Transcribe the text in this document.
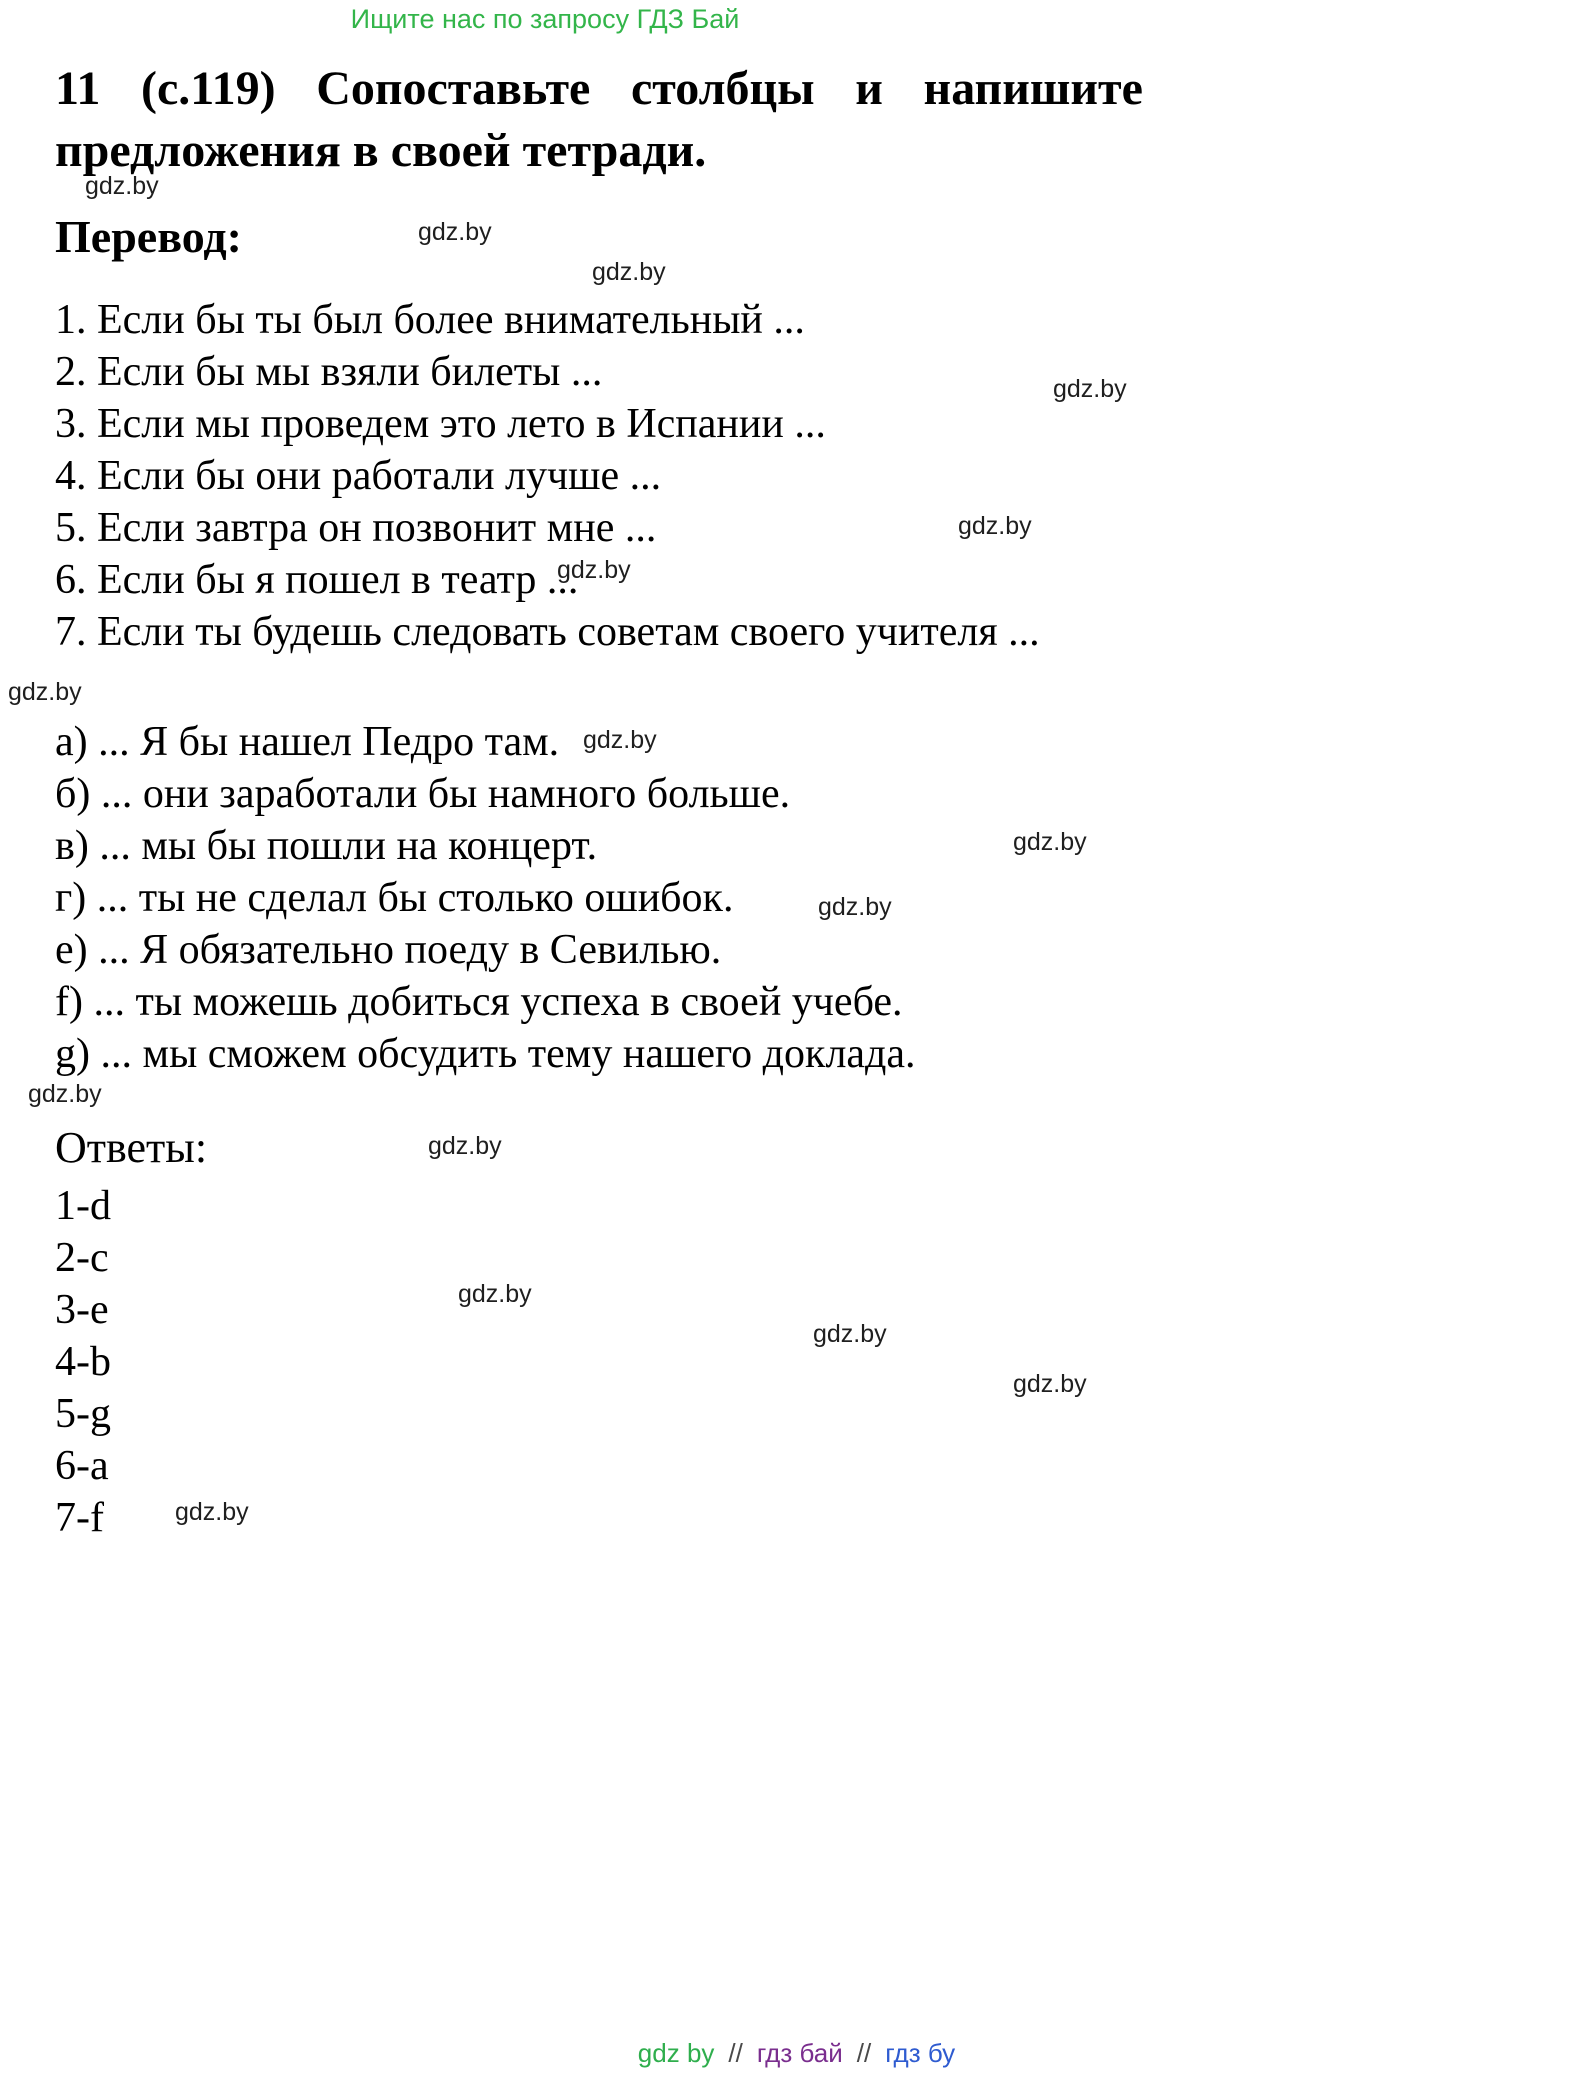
Ищите нас по запросу ГДЗ Бай
11 (с.119) Сопоставьте столбцы и напишите
предложения в своей тетради.
Перевод:
1. Если бы ты был более внимательный ...
2. Если бы мы взяли билеты ...
3. Если мы проведем это лето в Испании ...
4. Если бы они работали лучше ...
5. Если завтра он позвонит мне ...
6. Если бы я пошел в театр ...
7. Если ты будешь следовать советам своего учителя ...
a) ... Я бы нашел Педро там.
б) ... они заработали бы намного больше.
в) ... мы бы пошли на концерт.
г) ... ты не сделал бы столько ошибок.
е) ... Я обязательно поеду в Севилью.
f) ... ты можешь добиться успеха в своей учебе.
g) ... мы сможем обсудить тему нашего доклада.
Ответы:
1-d
2-c
3-e
4-b
5-g
6-a
7-f
gdz.by
gdz.by
gdz.by
gdz.by
gdz.by
gdz.by
gdz.by
gdz.by
gdz.by
gdz.by
gdz.by
gdz.by
gdz.by
gdz.by
gdz.by
gdz.by
gdz by // гдз бай // гдз бу
